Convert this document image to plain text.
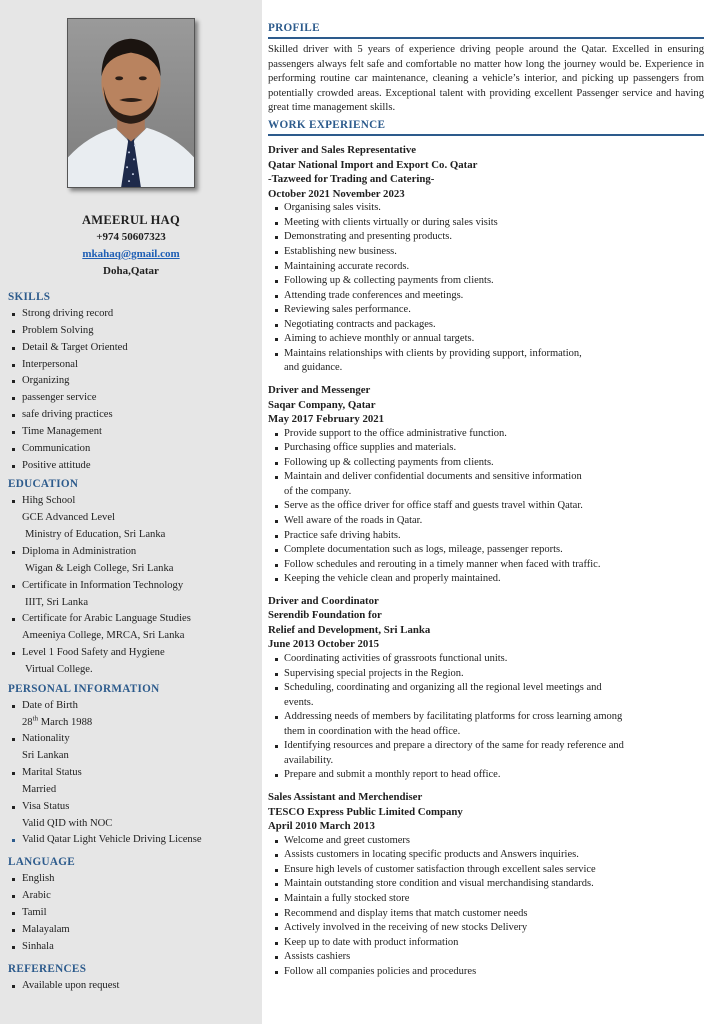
AMEERUL HAQ
+974 50607323
mkahaq@gmail.com
Doha,Qatar
SKILLS
Strong driving record
Problem Solving
Detail & Target Oriented
Interpersonal
Organizing
passenger service
safe driving practices
Time Management
Communication
Positive attitude
EDUCATION
Hihg School
GCE Advanced Level
Ministry of Education, Sri Lanka
Diploma in Administration
Wigan & Leigh College, Sri Lanka
Certificate in Information Technology
IIIT, Sri Lanka
Certificate for Arabic Language Studies
Ameeniya College, MRCA, Sri Lanka
Level 1 Food Safety and Hygiene
Virtual College.
PERSONAL INFORMATION
Date of Birth
28th March 1988
Nationality
Sri Lankan
Marital Status
Married
Visa Status
Valid QID with NOC
Valid Qatar Light Vehicle Driving License
LANGUAGE
English
Arabic
Tamil
Malayalam
Sinhala
REFERENCES
Available upon request
PROFILE

Skilled driver with 5 years of experience driving people around the Qatar. Excelled in ensuring passengers always felt safe and comfortable no matter how long the journey would be. Experience in performing routine car maintenance, cleaning a vehicle’s interior, and picking up passengers from potentially crowded areas. Exceptional talent with providing excellent Passenger service and having great time management skills.

WORK EXPERIENCE
Driver and Sales Representative
Qatar National Import and Export Co. Qatar
-Tazweed for Trading and Catering-
October 2021 November 2023
Organising sales visits.
Meeting with clients virtually or during sales visits
Demonstrating and presenting products.
Establishing new business.
Maintaining accurate records.
Following up & collecting payments from clients.
Attending trade conferences and meetings.
Reviewing sales performance.
Negotiating contracts and packages.
Aiming to achieve monthly or annual targets.
Maintains relationships with clients by providing support, information,
and guidance.
Driver and Messenger
Saqar Company, Qatar
May 2017 February 2021
Provide support to the office administrative function.
Purchasing office supplies and materials.
Following up & collecting payments from clients.
Maintain and deliver confidential documents and sensitive information
of the company.
Serve as the office driver for office staff and guests travel within Qatar.
Well aware of the roads in Qatar.
Practice safe driving habits.
Complete documentation such as logs, mileage, passenger reports.
Follow schedules and rerouting in a timely manner when faced with traffic.
Keeping the vehicle clean and properly maintained.
Driver and Coordinator
Serendib Foundation for
Relief and Development, Sri Lanka
June 2013 October 2015
Coordinating activities of grassroots functional units.
Supervising special projects in the Region.
Scheduling, coordinating and organizing all the regional level meetings and
events.
Addressing needs of members by facilitating platforms for cross learning among
them in coordination with the head office.
Identifying resources and prepare a directory of the same for ready reference and
availability.
Prepare and submit a monthly report to head office.
Sales Assistant and Merchendiser
TESCO Express Public Limited Company
April 2010 March 2013
Welcome and greet customers
Assists customers in locating specific products and Answers inquiries.
Ensure high levels of customer satisfaction through excellent sales service
Maintain outstanding store condition and visual merchandising standards.
Maintain a fully stocked store
Recommend and display items that match customer needs
Actively involved in the receiving of new stocks Delivery
Keep up to date with product information
Assists cashiers
Follow all companies policies and procedures
